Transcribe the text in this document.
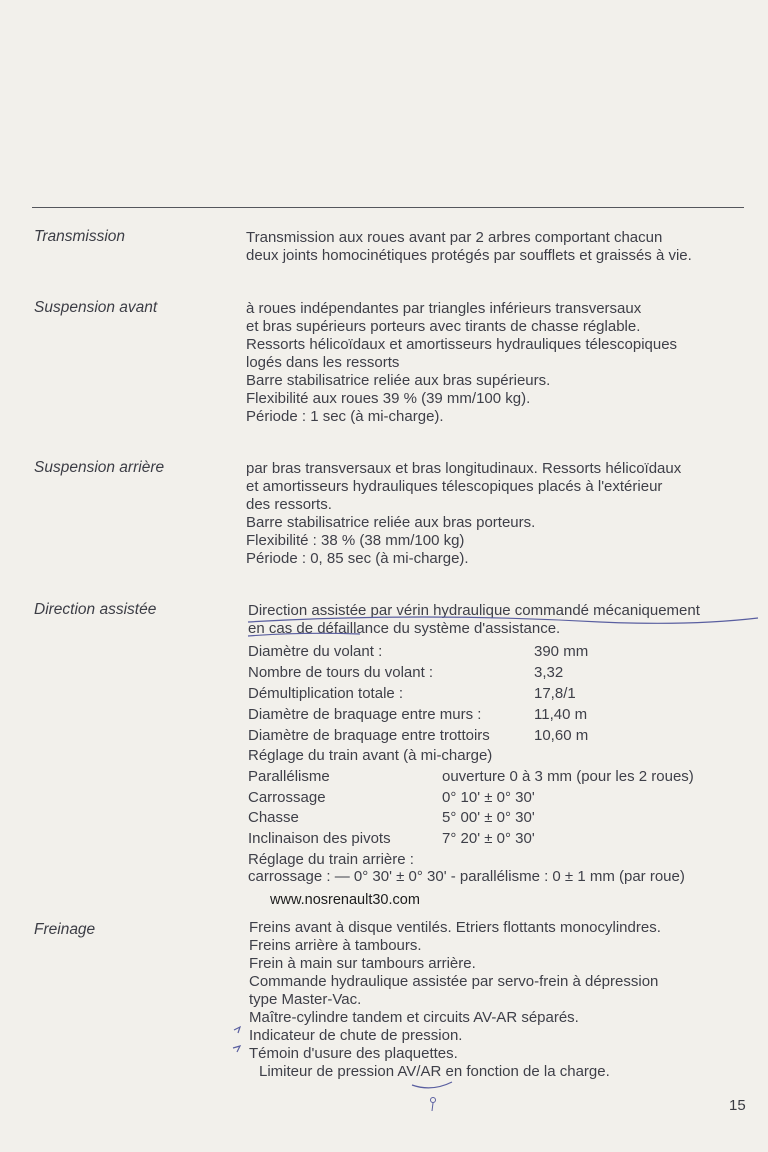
Transmission	Transmission aux roues avant par 2 arbres comportant chacun
deux joints homocinétiques protégés par soufflets et graissés à vie.
Suspension avant	à roues indépendantes par triangles inférieurs transversaux
et bras supérieurs porteurs avec tirants de chasse réglable.
Ressorts hélicoïdaux et amortisseurs hydrauliques télescopiques
logés dans les ressorts
Barre stabilisatrice reliée aux bras supérieurs.
Flexibilité aux roues 39 % (39 mm/100 kg).
Période : 1 sec (à mi-charge).
Suspension arrière	par bras transversaux et bras longitudinaux. Ressorts hélicoïdaux
et amortisseurs hydrauliques télescopiques placés à l'extérieur
des ressorts.
Barre stabilisatrice reliée aux bras porteurs.
Flexibilité : 38 % (38 mm/100 kg)
Période : 0, 85 sec (à mi-charge).
Direction assistée	Direction assistée par vérin hydraulique commandé mécaniquement
en cas de défaillance du système d'assistance.
Diamètre du volant :	390 mm
Nombre de tours du volant :	3,32
Démultiplication totale :	17,8/1
Diamètre de braquage entre murs :	11,40 m
Diamètre de braquage entre trottoirs	10,60 m
Réglage du train avant (à mi-charge)
Parallélisme	ouverture 0 à 3 mm (pour les 2 roues)
Carrossage	0° 10' ± 0° 30'
Chasse	5° 00' ± 0° 30'
Inclinaison des pivots	7° 20' ± 0° 30'
Réglage du train arrière :
carrossage : — 0° 30' ± 0° 30' - parallélisme : 0 ± 1 mm (par roue)
www.nosrenault30.com
Freinage	Freins avant à disque ventilés. Etriers flottants monocylindres.
Freins arrière à tambours.
Frein à main sur tambours arrière.
Commande hydraulique assistée par servo-frein à dépression
type Master-Vac.
Maître-cylindre tandem et circuits AV-AR séparés.
Indicateur de chute de pression.
Témoin d'usure des plaquettes.
Limiteur de pression AV/AR en fonction de la charge.
15
